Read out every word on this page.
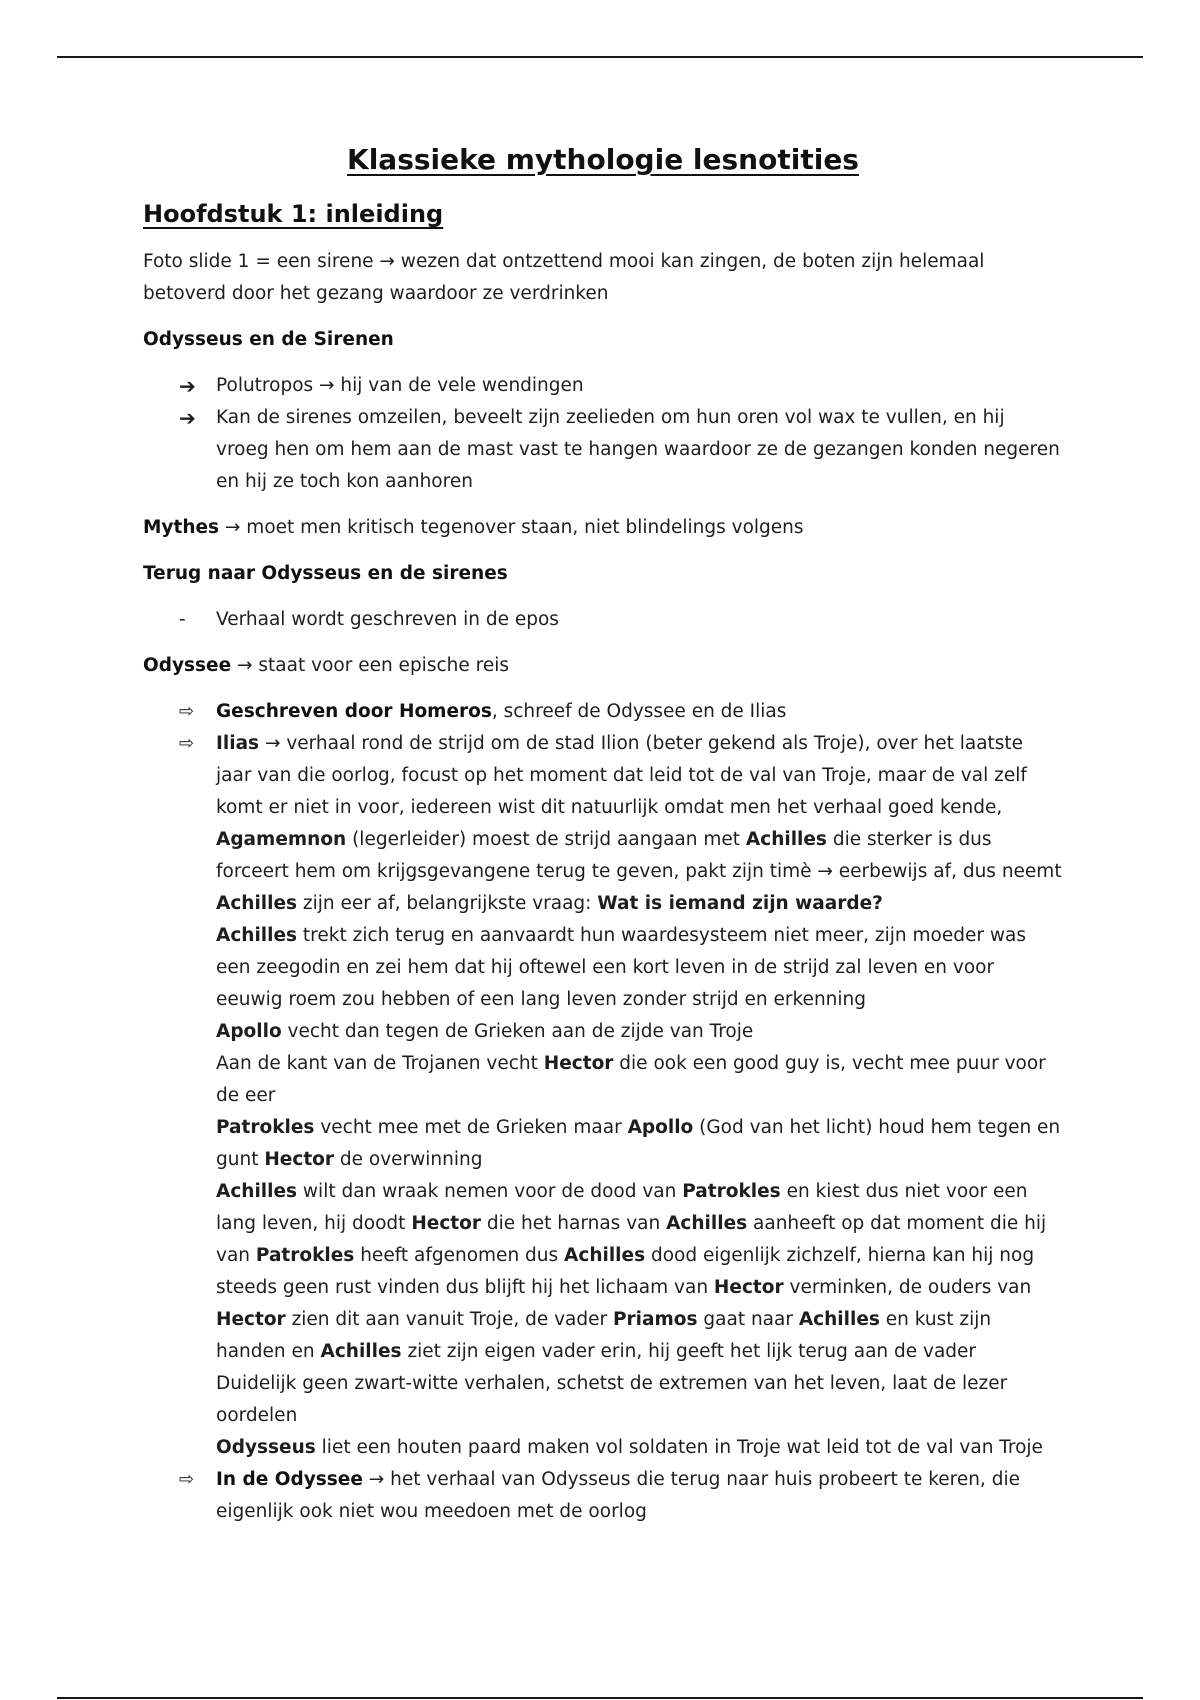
Klassieke mythologie lesnotities
Hoofdstuk 1: inleiding

Foto slide 1 = een sirene → wezen dat ontzettend mooi kan zingen, de boten zijn helemaal betoverd door het gezang waardoor ze verdrinken

Odysseus en de Sirenen

➔	Polutropos → hij van de vele wendingen
➔	Kan de sirenes omzeilen, beveelt zijn zeelieden om hun oren vol wax te vullen, en hij vroeg hen om hem aan de mast vast te hangen waardoor ze de gezangen konden negeren en hij ze toch kon aanhoren

Mythes → moet men kritisch tegenover staan, niet blindelings volgens

Terug naar Odysseus en de sirenes

-	Verhaal wordt geschreven in de epos

Odyssee → staat voor een epische reis

⇨	Geschreven door Homeros, schreef de Odyssee en de Ilias
⇨	Ilias → verhaal rond de strijd om de stad Ilion (beter gekend als Troje), over het laatste jaar van die oorlog, focust op het moment dat leid tot de val van Troje, maar de val zelf komt er niet in voor, iedereen wist dit natuurlijk omdat men het verhaal goed kende, Agamemnon (legerleider) moest de strijd aangaan met Achilles die sterker is dus forceert hem om krijgsgevangene terug te geven, pakt zijn timè → eerbewijs af, dus neemt Achilles zijn eer af, belangrijkste vraag: Wat is iemand zijn waarde?
Achilles trekt zich terug en aanvaardt hun waardesysteem niet meer, zijn moeder was een zeegodin en zei hem dat hij oftewel een kort leven in de strijd zal leven en voor eeuwig roem zou hebben of een lang leven zonder strijd en erkenning
Apollo vecht dan tegen de Grieken aan de zijde van Troje
Aan de kant van de Trojanen vecht Hector die ook een good guy is, vecht mee puur voor de eer
Patrokles vecht mee met de Grieken maar Apollo (God van het licht) houd hem tegen en gunt Hector de overwinning
Achilles wilt dan wraak nemen voor de dood van Patrokles en kiest dus niet voor een lang leven, hij doodt Hector die het harnas van Achilles aanheeft op dat moment die hij van Patrokles heeft afgenomen dus Achilles dood eigenlijk zichzelf, hierna kan hij nog steeds geen rust vinden dus blijft hij het lichaam van Hector verminken, de ouders van Hector zien dit aan vanuit Troje, de vader Priamos gaat naar Achilles en kust zijn handen en Achilles ziet zijn eigen vader erin, hij geeft het lijk terug aan de vader
Duidelijk geen zwart-witte verhalen, schetst de extremen van het leven, laat de lezer oordelen
Odysseus liet een houten paard maken vol soldaten in Troje wat leid tot de val van Troje
⇨	In de Odyssee → het verhaal van Odysseus die terug naar huis probeert te keren, die eigenlijk ook niet wou meedoen met de oorlog
